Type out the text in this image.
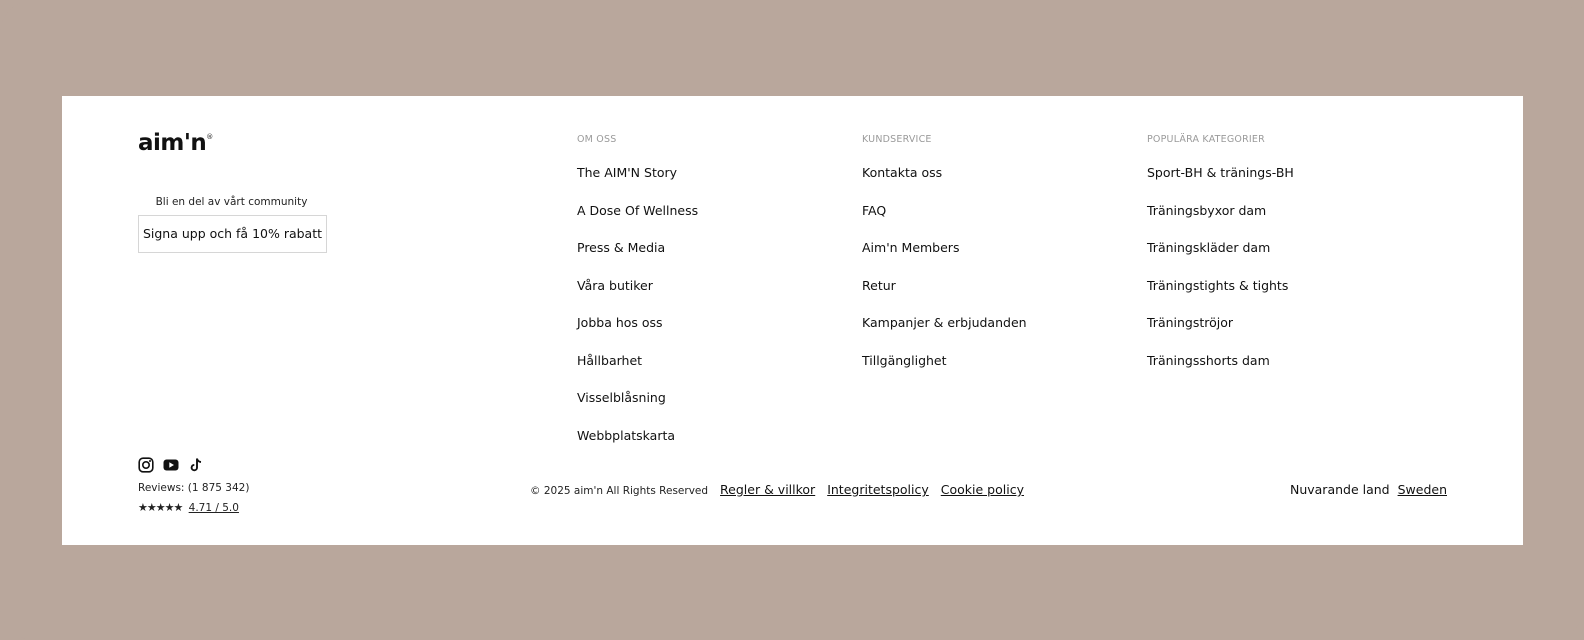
aim'n®
Bli en del av vårt community
Signa upp och få 10% rabatt
OM OSS
The AIM'N Story
A Dose Of Wellness
Press & Media
Våra butiker
Jobba hos oss
Hållbarhet
Visselblåsning
Webbplatskarta
KUNDSERVICE
Kontakta oss
FAQ
Aim'n Members
Retur
Kampanjer & erbjudanden
Tillgänglighet
POPULÄRA KATEGORIER
Sport-BH & tränings-BH
Träningsbyxor dam
Träningskläder dam
Träningstights & tights
Träningströjor
Träningsshorts dam
Reviews: (1 875 342)
★★★★★ 4.71 / 5.0
© 2025 aim'n All Rights Reserved Regler & villkor Integritetspolicy Cookie policy	Nuvarande land Sweden
